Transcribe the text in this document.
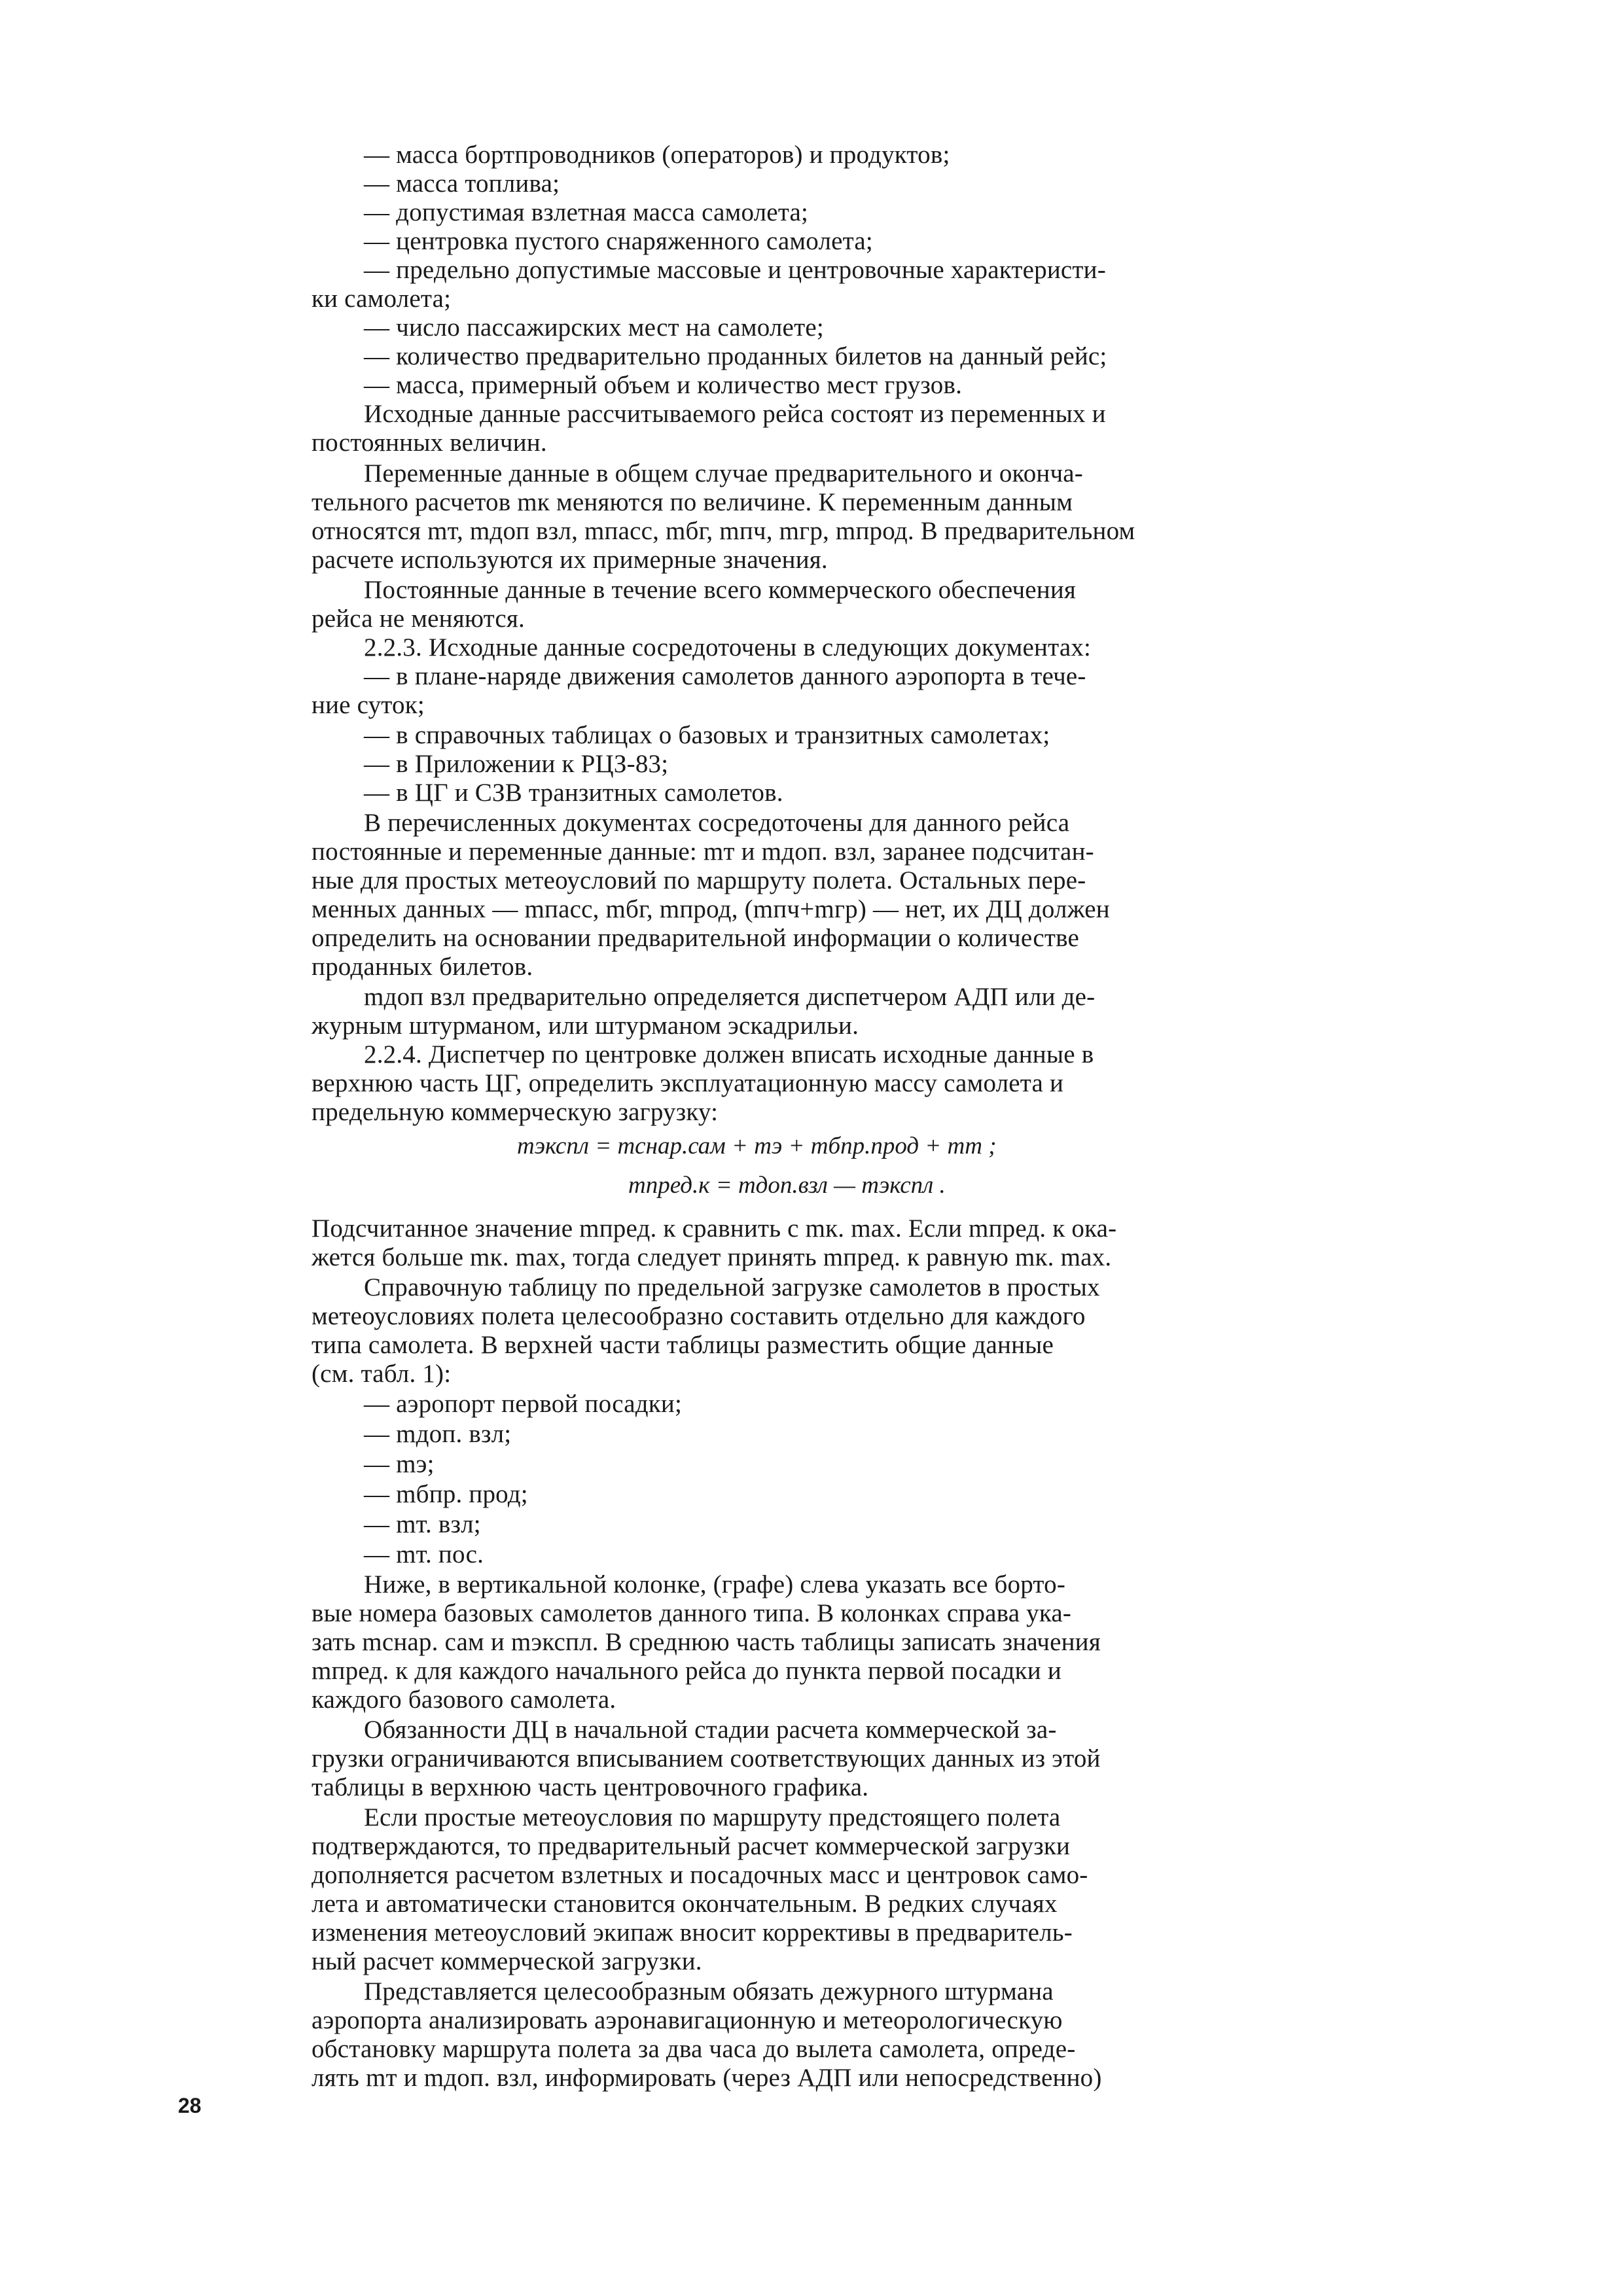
— масса бортпроводников (операторов) и продуктов;
— масса топлива;
— допустимая взлетная масса самолета;
— центровка пустого снаряженного самолета;
— предельно допустимые массовые и центровочные характеристи-
ки самолета;
— число пассажирских мест на самолете;
— количество предварительно проданных билетов на данный рейс;
— масса, примерный объем и количество мест грузов.
Исходные данные рассчитываемого рейса состоят из переменных и
постоянных величин.
Переменные данные в общем случае предварительного и оконча-
тельного расчетов mк меняются по величине. К переменным данным
относятся mт, mдоп взл, mпасс, mбг, mпч, mгр, mпрод. В предварительном
расчете используются их примерные значения.
Постоянные данные в течение всего коммерческого обеспечения
рейса не меняются.
2.2.3. Исходные данные сосредоточены в следующих документах:
— в плане-наряде движения самолетов данного аэропорта в тече-
ние суток;
— в справочных таблицах о базовых и транзитных самолетах;
— в Приложении к РЦЗ-83;
— в ЦГ и СЗВ транзитных самолетов.
В перечисленных документах сосредоточены для данного рейса
постоянные и переменные данные: mт и mдоп. взл, заранее подсчитан-
ные для простых метеоусловий по маршруту полета. Остальных пере-
менных данных — mпасс, mбг, mпрод, (mпч+mгр) — нет, их ДЦ должен
определить на основании предварительной информации о количестве
проданных билетов.
mдоп взл предварительно определяется диспетчером АДП или де-
журным штурманом, или штурманом эскадрильи.
2.2.4. Диспетчер по центровке должен вписать исходные данные в
верхнюю часть ЦГ, определить эксплуатационную массу самолета и
предельную коммерческую загрузку:
mэкспл = mснар.сам + mэ + mбпр.прод + mт ;
mпред.к = mдоп.взл — mэкспл .
Подсчитанное значение mпред. к сравнить с mк. max. Если mпред. к ока-
жется больше mк. max, тогда следует принять mпред. к равную mк. max.
Справочную таблицу по предельной загрузке самолетов в простых
метеоусловиях полета целесообразно составить отдельно для каждого
типа самолета. В верхней части таблицы разместить общие данные
(см. табл. 1):
— аэропорт первой посадки;
— mдоп. взл;
— mэ;
— mбпр. прод;
— mт. взл;
— mт. пос.
Ниже, в вертикальной колонке, (графе) слева указать все борто-
вые номера базовых самолетов данного типа. В колонках справа ука-
зать mснар. сам и mэкспл. В среднюю часть таблицы записать значения
mпред. к для каждого начального рейса до пункта первой посадки и
каждого базового самолета.
Обязанности ДЦ в начальной стадии расчета коммерческой за-
грузки ограничиваются вписыванием соответствующих данных из этой
таблицы в верхнюю часть центровочного графика.
Если простые метеоусловия по маршруту предстоящего полета
подтверждаются, то предварительный расчет коммерческой загрузки
дополняется расчетом взлетных и посадочных масс и центровок само-
лета и автоматически становится окончательным. В редких случаях
изменения метеоусловий экипаж вносит коррективы в предваритель-
ный расчет коммерческой загрузки.
Представляется целесообразным обязать дежурного штурмана
аэропорта анализировать аэронавигационную и метеорологическую
обстановку маршрута полета за два часа до вылета самолета, опреде-
лять mт и mдоп. взл, информировать (через АДП или непосредственно)
28
